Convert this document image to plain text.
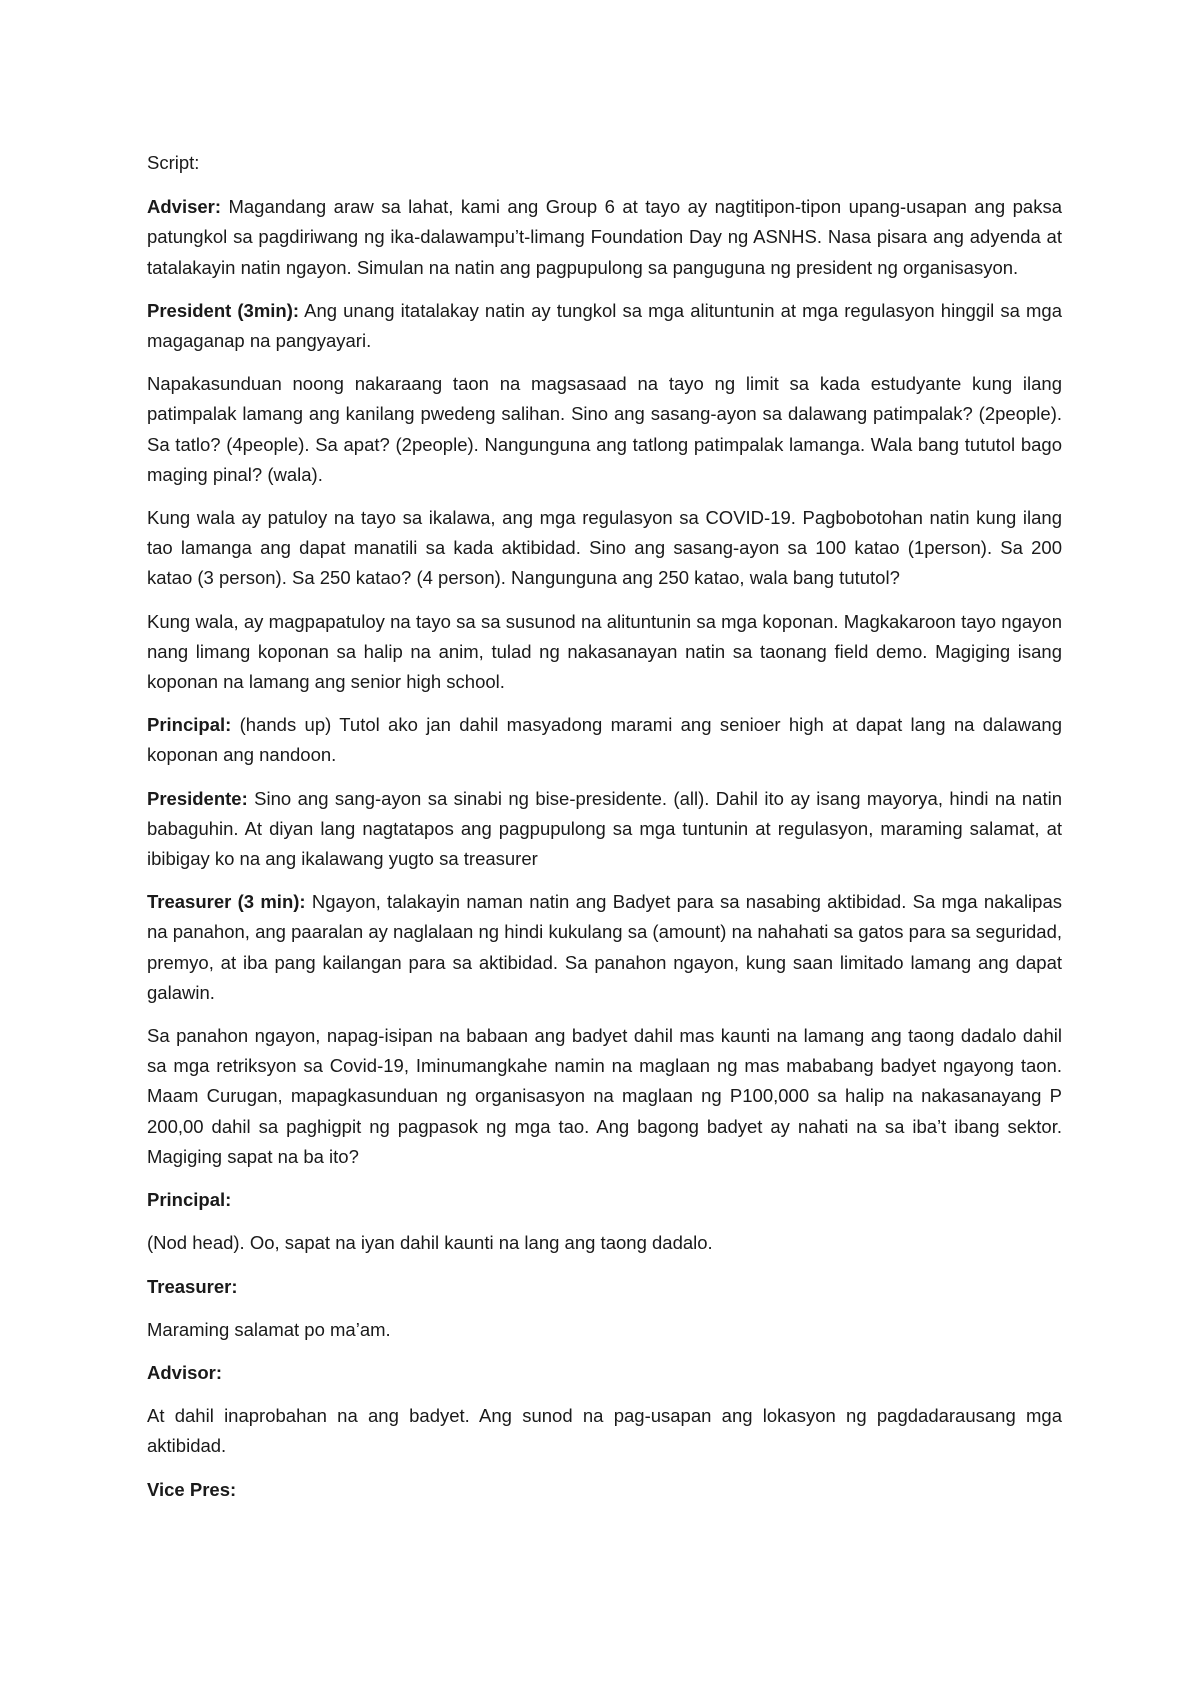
Script:

Adviser: Magandang araw sa lahat, kami ang Group 6 at tayo ay nagtitipon-tipon upang-usapan ang paksa patungkol sa pagdiriwang ng ika-dalawampu’t-limang Foundation Day ng ASNHS. Nasa pisara ang adyenda at tatalakayin natin ngayon. Simulan na natin ang pagpupulong sa panguguna ng president ng organisasyon.

President (3min): Ang unang itatalakay natin ay tungkol sa mga alituntunin at mga regulasyon hinggil sa mga magaganap na pangyayari.

Napakasunduan noong nakaraang taon na magsasaad na tayo ng limit sa kada estudyante kung ilang patimpalak lamang ang kanilang pwedeng salihan. Sino ang sasang-ayon sa dalawang patimpalak? (2people). Sa tatlo? (4people). Sa apat? (2people). Nangunguna ang tatlong patimpalak lamanga. Wala bang tututol bago maging pinal? (wala).

Kung wala ay patuloy na tayo sa ikalawa, ang mga regulasyon sa COVID-19. Pagbobotohan natin kung ilang tao lamanga ang dapat manatili sa kada aktibidad. Sino ang sasang-ayon sa 100 katao (1person). Sa 200 katao (3 person). Sa 250 katao? (4 person). Nangunguna ang 250 katao, wala bang tututol?

Kung wala, ay magpapatuloy na tayo sa sa susunod na alituntunin sa mga koponan. Magkakaroon tayo ngayon nang limang koponan sa halip na anim, tulad ng nakasanayan natin sa taonang field demo. Magiging isang koponan na lamang ang senior high school.

Principal: (hands up) Tutol ako jan dahil masyadong marami ang senioer high at dapat lang na dalawang koponan ang nandoon.

Presidente: Sino ang sang-ayon sa sinabi ng bise-presidente. (all). Dahil ito ay isang mayorya, hindi na natin babaguhin. At diyan lang nagtatapos ang pagpupulong sa mga tuntunin at regulasyon, maraming salamat, at ibibigay ko na ang ikalawang yugto sa treasurer

Treasurer (3 min): Ngayon, talakayin naman natin ang Badyet para sa nasabing aktibidad. Sa mga nakalipas na panahon, ang paaralan ay naglalaan ng hindi kukulang sa (amount) na nahahati sa gatos para sa seguridad, premyo, at iba pang kailangan para sa aktibidad. Sa panahon ngayon, kung saan limitado lamang ang dapat galawin.

Sa panahon ngayon, napag-isipan na babaan ang badyet dahil mas kaunti na lamang ang taong dadalo dahil sa mga retriksyon sa Covid-19, Iminumangkahe namin na maglaan ng mas mababang badyet ngayong taon. Maam Curugan, mapagkasunduan ng organisasyon na maglaan ng P100,000 sa halip na nakasanayang P 200,00 dahil sa paghigpit ng pagpasok ng mga tao. Ang bagong badyet ay nahati na sa iba’t ibang sektor. Magiging sapat na ba ito?

Principal:

(Nod head). Oo, sapat na iyan dahil kaunti na lang ang taong dadalo.

Treasurer:

Maraming salamat po ma’am.

Advisor:

At dahil inaprobahan na ang badyet. Ang sunod na pag-usapan ang lokasyon ng pagdadarausang mga aktibidad.

Vice Pres:
